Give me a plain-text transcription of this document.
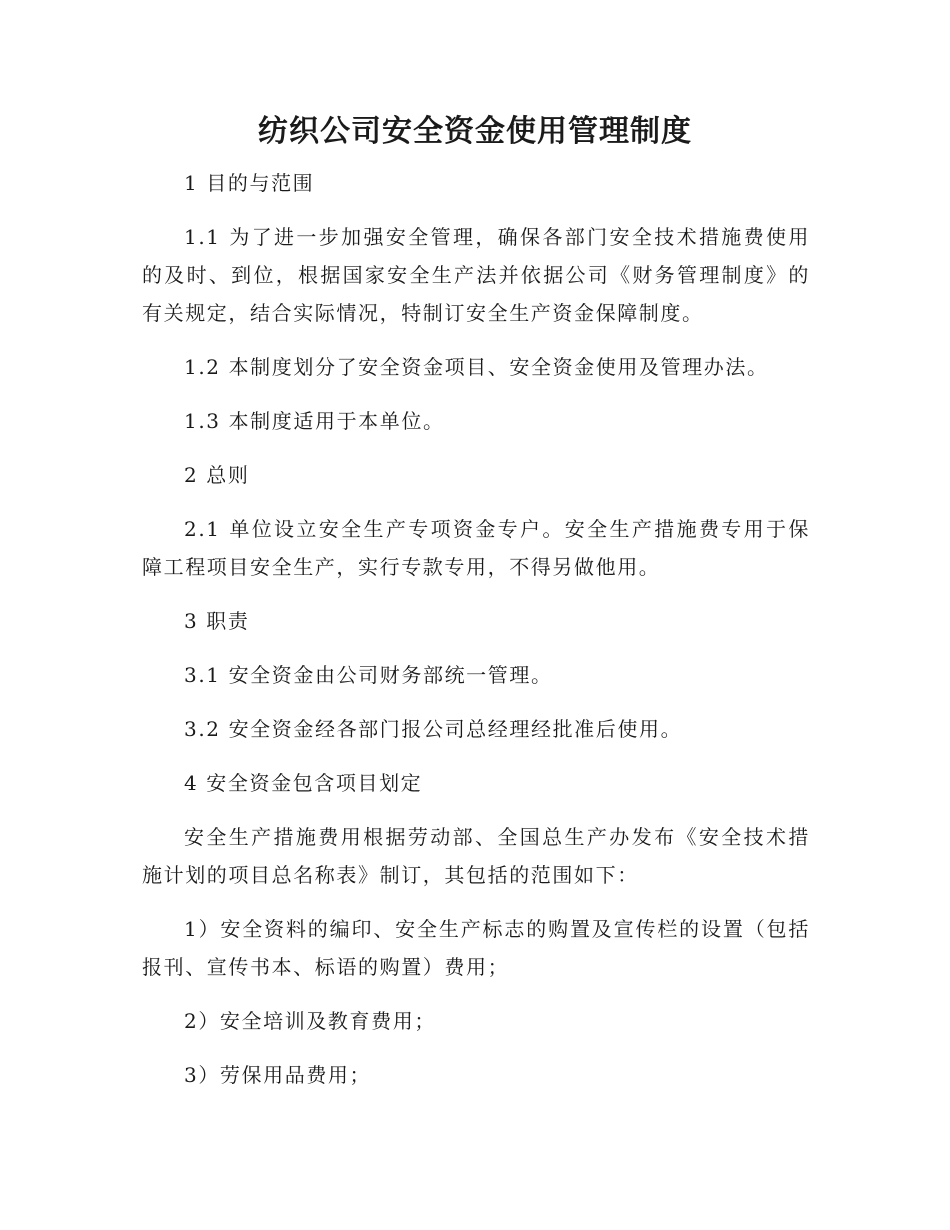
纺织公司安全资金使用管理制度

1 目的与范围

1.1 为了进一步加强安全管理，确保各部门安全技术措施费使用的及时、到位，根据国家安全生产法并依据公司《财务管理制度》的有关规定，结合实际情况，特制订安全生产资金保障制度。

1.2 本制度划分了安全资金项目、安全资金使用及管理办法。

1.3 本制度适用于本单位。

2 总则

2.1 单位设立安全生产专项资金专户。安全生产措施费专用于保障工程项目安全生产，实行专款专用，不得另做他用。

3 职责

3.1 安全资金由公司财务部统一管理。

3.2 安全资金经各部门报公司总经理经批准后使用。

4 安全资金包含项目划定

安全生产措施费用根据劳动部、全国总生产办发布《安全技术措施计划的项目总名称表》制订，其包括的范围如下：

1）安全资料的编印、安全生产标志的购置及宣传栏的设置（包括报刊、宣传书本、标语的购置）费用；

2）安全培训及教育费用；

3）劳保用品费用；
